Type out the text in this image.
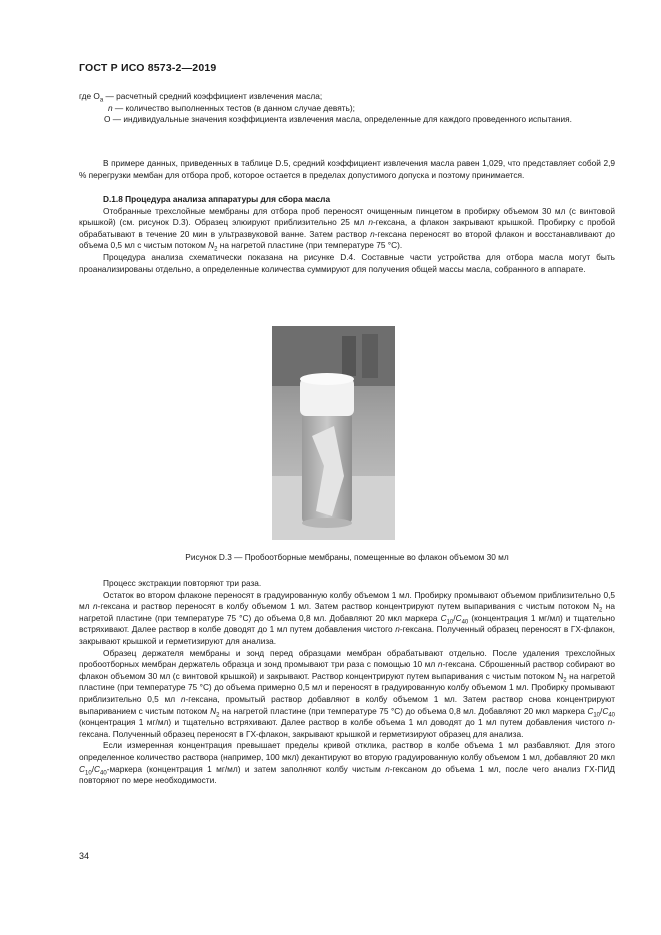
ГОСТ Р ИСО 8573-2—2019
где $O_a$ — расчетный средний коэффициент извлечения масла;
n — количество выполненных тестов (в данном случае девять);
O — индивидуальные значения коэффициента извлечения масла, определенные для каждого проведенного испытания.

В примере данных, приведенных в таблице D.5, средний коэффициент извлечения масла равен 1,029, что представляет собой 2,9 % перегрузки мембан для отбора проб, которое остается в пределах допустимого допуска и поэтому принимается.

D.1.8 Процедура анализа аппаратуры для сбора масла

Отобранные трехслойные мембраны для отбора проб переносят очищенным пинцетом в пробирку объемом 30 мл (с винтовой крышкой) (см. рисунок D.3). Образец элюируют приблизительно 25 мл n-гексана, а флакон закрывают крышкой. Пробирку с пробой обрабатывают в течение 20 мин в ультразвуковой ванне. Затем раствор n-гексана переносят во второй флакон и восстанавливают до объема 0,5 мл с чистым потоком $N_2$ на нагретой пластине (при температуре 75 °C).

Процедура анализа схематически показана на рисунке D.4. Составные части устройства для отбора масла могут быть проанализированы отдельно, а определенные количества суммируют для получения общей массы масла, собранного в аппарате.

Рисунок D.3 — Пробоотборные мембраны, помещенные во флакон объемом 30 мл

Процесс экстракции повторяют три раза.

Остаток во втором флаконе переносят в градуированную колбу объемом 1 мл. Пробирку промывают объемом приблизительно 0,5 мл n-гексана и раствор переносят в колбу объемом 1 мл. Затем раствор концентрируют путем выпаривания с чистым потоком $N_2$ на нагретой пластине (при температуре 75 °C) до объема 0,8 мл. Добавляют 20 мкл маркера $C_{10}/C_{40}$ (концентрация 1 мг/мл) и тщательно встряхивают. Далее раствор в колбе доводят до 1 мл путем добавления чистого n-гексана. Полученный образец переносят в ГХ-флакон, закрывают крышкой и герметизируют для анализа.

Образец держателя мембраны и зонд перед образцами мембран обрабатывают отдельно. После удаления трехслойных пробоотборных мембран держатель образца и зонд промывают три раза с помощью 10 мл n-гексана. Сброшенный раствор собирают во флакон объемом 30 мл (с винтовой крышкой) и закрывают. Раствор концентрируют путем выпаривания с чистым потоком $N_2$ на нагретой пластине (при температуре 75 °C) до объема примерно 0,5 мл и переносят в градуированную колбу объемом 1 мл. Пробирку промывают приблизительно 0,5 мл n-гексана, промытый раствор добавляют в колбу объемом 1 мл. Затем раствор снова концентрируют выпариванием с чистым потоком $N_2$ на нагретой пластине (при температуре 75 °C) до объема 0,8 мл. Добавляют 20 мкл маркера $C_{10}/C_{40}$ (концентрация 1 мг/мл) и тщательно встряхивают. Далее раствор в колбе объема 1 мл доводят до 1 мл путем добавления чистого n-гексана. Полученный образец переносят в ГХ-флакон, закрывают крышкой и герметизируют образец для анализа.

Если измеренная концентрация превышает пределы кривой отклика, раствор в колбе объема 1 мл разбавляют. Для этого определенное количество раствора (например, 100 мкл) декантируют во вторую градуированную колбу объемом 1 мл, добавляют 20 мкл $C_{10}/C_{40}$-маркера (концентрация 1 мг/мл) и затем заполняют колбу чистым n-гексаном до объема 1 мл, после чего анализ ГХ-ПИД повторяют по мере необходимости.

34
